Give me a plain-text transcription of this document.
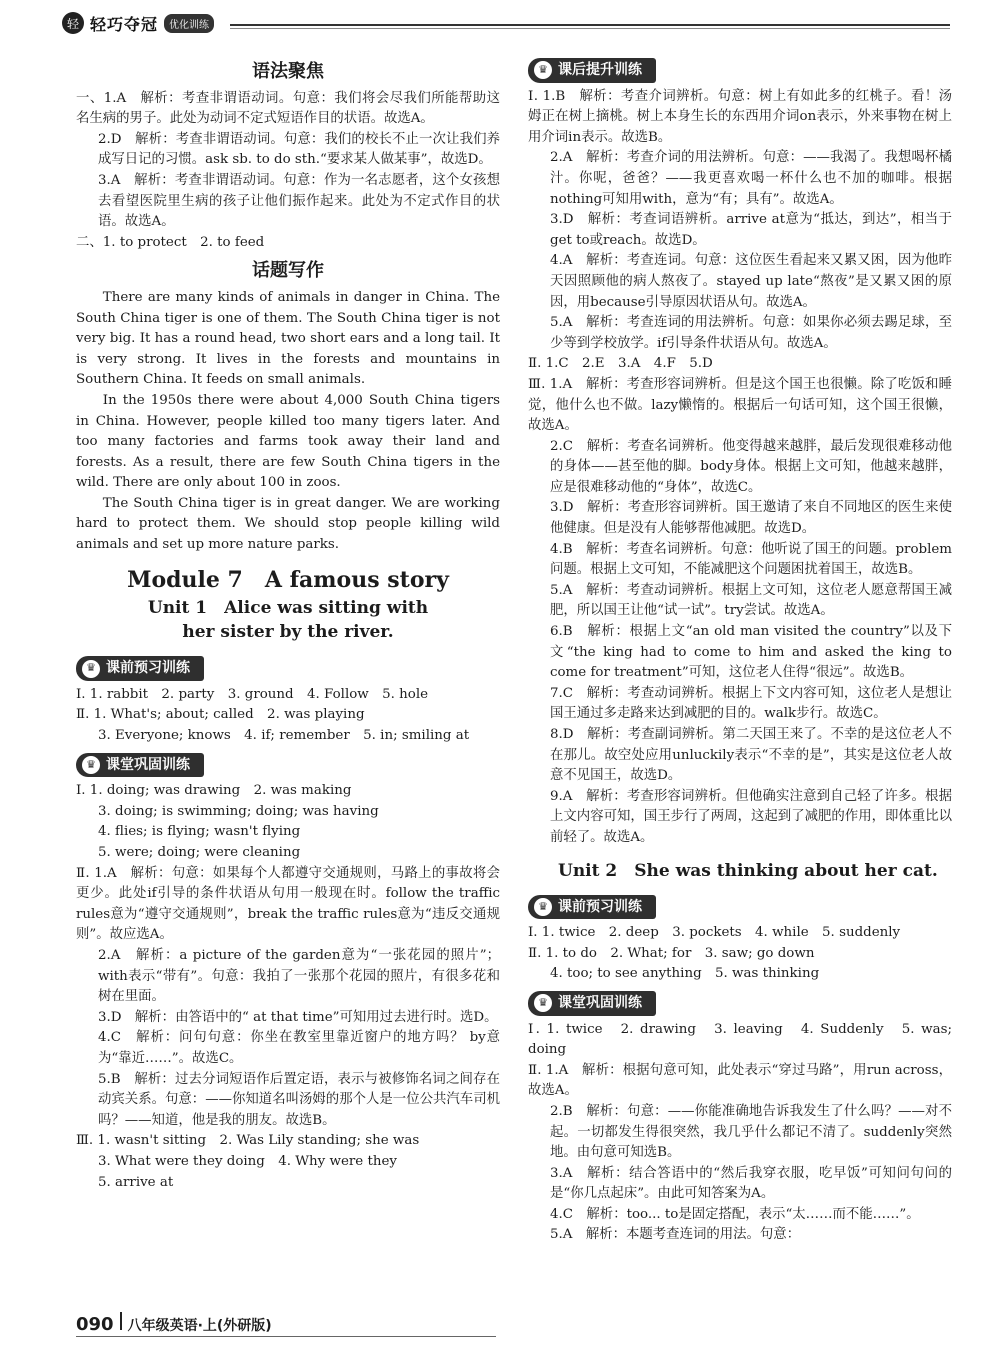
轻 轻巧夺冠	优化训练
语法聚焦

一、1.A　解析：考查非谓语动词。句意：我们将会尽我们所能帮助这名生病的男子。此处为动词不定式短语作目的状语。故选A。

2.D　解析：考查非谓语动词。句意：我们的校长不止一次让我们养成写日记的习惯。ask sb. to do sth.“要求某人做某事”，故选D。

3.A　解析：考查非谓语动词。句意：作为一名志愿者，这个女孩想去看望医院里生病的孩子让他们振作起来。此处为不定式作目的状语。故选A。

二、1. to protect　2. to feed

话题写作

There are many kinds of animals in danger in China. The South China tiger is one of them. The South China tiger is not very big. It has a round head, two short ears and a long tail. It is very strong. It lives in the forests and mountains in Southern China. It feeds on small animals.

In the 1950s there were about 4,000 South China tigers in China. However, people killed too many tigers later. And too many factories and farms took away their land and forests. As a result, there are few South China tigers in the wild. There are only about 100 in zoos.

The South China tiger is in great danger. We are working hard to protect them. We should stop people killing wild animals and set up more nature parks.

Module 7　A famous story
Unit 1　Alice was sitting with
her sister by the river.
♛ 课前预习训练

Ⅰ. 1. rabbit　2. party　3. ground　4. Follow　5. hole

Ⅱ. 1. What's; about; called　2. was playing

3. Everyone; knows　4. if; remember　5. in; smiling at

♛ 课堂巩固训练

Ⅰ. 1. doing; was drawing　2. was making

3. doing; is swimming; doing; was having

4. flies; is flying; wasn't flying

5. were; doing; were cleaning

Ⅱ. 1.A　解析：句意：如果每个人都遵守交通规则，马路上的事故将会更少。此处if引导的条件状语从句用一般现在时。follow the traffic rules意为“遵守交通规则”，break the traffic rules意为“违反交通规则”。故应选A。

2.A　解析：a picture of the garden意为“一张花园的照片”；with表示“带有”。句意：我拍了一张那个花园的照片，有很多花和树在里面。

3.D　解析：由答语中的“ at that time”可知用过去进行时。选D。

4.C　解析：问句句意：你坐在教室里靠近窗户的地方吗？ by意为“靠近……”。故选C。

5.B　解析：过去分词短语作后置定语，表示与被修饰名词之间存在动宾关系。句意：——你知道名叫汤姆的那个人是一位公共汽车司机吗？——知道，他是我的朋友。故选B。

Ⅲ. 1. wasn't sitting　2. Was Lily standing; she was

3. What were they doing　4. Why were they

5. arrive at

♛ 课后提升训练

Ⅰ. 1.B　解析：考查介词辨析。句意：树上有如此多的红桃子。看！汤姆正在树上摘桃。树上本身生长的东西用介词on表示，外来事物在树上用介词in表示。故选B。

2.A　解析：考查介词的用法辨析。句意：——我渴了。我想喝杯橘汁。你呢，爸爸？——我更喜欢喝一杯什么也不加的咖啡。根据nothing可知用with，意为“有；具有”。故选A。

3.D　解析：考查词语辨析。arrive at意为“抵达，到达”，相当于get to或reach。故选D。

4.A　解析：考查连词。句意：这位医生看起来又累又困，因为他昨天因照顾他的病人熬夜了。stayed up late“熬夜”是又累又困的原因，用because引导原因状语从句。故选A。

5.A　解析：考查连词的用法辨析。句意：如果你必须去踢足球，至少等到学校放学。if引导条件状语从句。故选A。

Ⅱ. 1.C　2.E　3.A　4.F　5.D

Ⅲ. 1.A　解析：考查形容词辨析。但是这个国王也很懒。除了吃饭和睡觉，他什么也不做。lazy懒惰的。根据后一句话可知，这个国王很懒，故选A。

2.C　解析：考查名词辨析。他变得越来越胖，最后发现很难移动他的身体——甚至他的脚。body身体。根据上文可知，他越来越胖，应是很难移动他的“身体”，故选C。

3.D　解析：考查形容词辨析。国王邀请了来自不同地区的医生来使他健康。但是没有人能够帮他减肥。故选D。

4.B　解析：考查名词辨析。句意：他听说了国王的问题。problem问题。根据上文可知，不能减肥这个问题困扰着国王，故选B。

5.A　解析：考查动词辨析。根据上文可知，这位老人愿意帮国王减肥，所以国王让他“试一试”。try尝试。故选A。

6.B　解析：根据上文“an old man visited the country”以及下文“the king had to come to him and asked the king to come for treatment”可知，这位老人住得“很远”。故选B。

7.C　解析：考查动词辨析。根据上下文内容可知，这位老人是想让国王通过多走路来达到减肥的目的。walk步行。故选C。

8.D　解析：考查副词辨析。第二天国王来了。不幸的是这位老人不在那儿。故空处应用unluckily表示“不幸的是”，其实是这位老人故意不见国王，故选D。

9.A　解析：考查形容词辨析。但他确实注意到自己轻了许多。根据上文内容可知，国王步行了两周，这起到了减肥的作用，即体重比以前轻了。故选A。

Unit 2　She was thinking about her cat.
♛ 课前预习训练

Ⅰ. 1. twice　2. deep　3. pockets　4. while　5. suddenly

Ⅱ. 1. to do　2. What; for　3. saw; go down

4. too; to see anything　5. was thinking

♛ 课堂巩固训练

Ⅰ. 1. twice　2. drawing　3. leaving　4. Suddenly　5. was; doing

Ⅱ. 1.A　解析：根据句意可知，此处表示“穿过马路”，用run across，故选A。

2.B　解析：句意：——你能准确地告诉我发生了什么吗？——对不起。一切都发生得很突然，我几乎什么都记不清了。suddenly突然地。由句意可知选B。

3.A　解析：结合答语中的“然后我穿衣服，吃早饭”可知问句问的是“你几点起床”。由此可知答案为A。

4.C　解析：too... to是固定搭配，表示“太……而不能……”。

5.A　解析：本题考查连词的用法。句意：

090 八年级英语·上(外研版)
